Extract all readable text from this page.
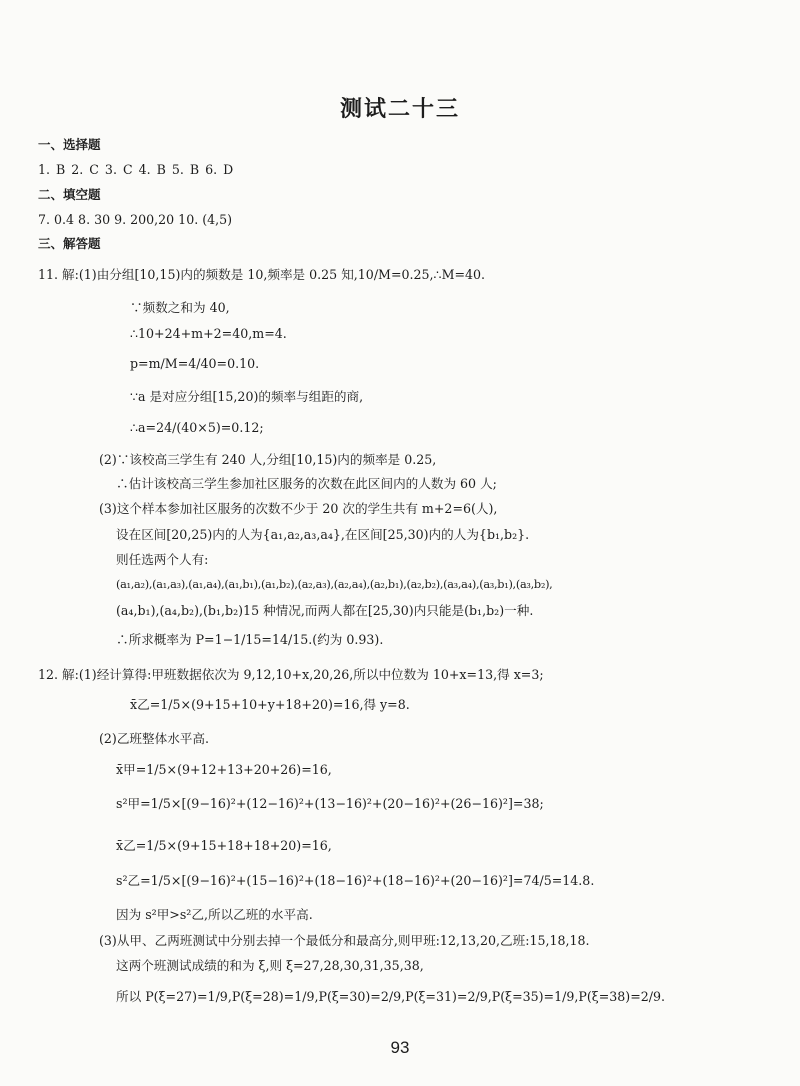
测试二十三
一、选择题
1. B 2. C 3. C 4. B 5. B 6. D
二、填空题
7. 0.4 8. 30 9. 200,20 10. (4,5)
三、解答题
11. 解:(1)由分组[10,15)内的频数是 10,频率是 0.25 知,10/M=0.25,∴M=40.
∵频数之和为 40,
∴10+24+m+2=40,m=4.
p=m/M=4/40=0.10.
∵a 是对应分组[15,20)的频率与组距的商,
∴a=24/(40×5)=0.12;
(2)∵该校高三学生有 240 人,分组[10,15)内的频率是 0.25,
∴估计该校高三学生参加社区服务的次数在此区间内的人数为 60 人;
(3)这个样本参加社区服务的次数不少于 20 次的学生共有 m+2=6(人),
设在区间[20,25)内的人为{a₁,a₂,a₃,a₄},在区间[25,30)内的人为{b₁,b₂}.
则任选两个人有:
(a₁,a₂),(a₁,a₃),(a₁,a₄),(a₁,b₁),(a₁,b₂),(a₂,a₃),(a₂,a₄),(a₂,b₁),(a₂,b₂),(a₃,a₄),(a₃,b₁),(a₃,b₂),
(a₄,b₁),(a₄,b₂),(b₁,b₂)15 种情况,而两人都在[25,30)内只能是(b₁,b₂)一种.
∴所求概率为 P=1−1/15=14/15.(约为 0.93).
12. 解:(1)经计算得:甲班数据依次为 9,12,10+x,20,26,所以中位数为 10+x=13,得 x=3;
x̄乙=1/5×(9+15+10+y+18+20)=16,得 y=8.
(2)乙班整体水平高.
x̄甲=1/5×(9+12+13+20+26)=16,
s²甲=1/5×[(9−16)²+(12−16)²+(13−16)²+(20−16)²+(26−16)²]=38;
x̄乙=1/5×(9+15+18+18+20)=16,
s²乙=1/5×[(9−16)²+(15−16)²+(18−16)²+(18−16)²+(20−16)²]=74/5=14.8.
因为 s²甲>s²乙,所以乙班的水平高.
(3)从甲、乙两班测试中分别去掉一个最低分和最高分,则甲班:12,13,20,乙班:15,18,18.
这两个班测试成绩的和为 ξ,则 ξ=27,28,30,31,35,38,
所以 P(ξ=27)=1/9,P(ξ=28)=1/9,P(ξ=30)=2/9,P(ξ=31)=2/9,P(ξ=35)=1/9,P(ξ=38)=2/9.
93
